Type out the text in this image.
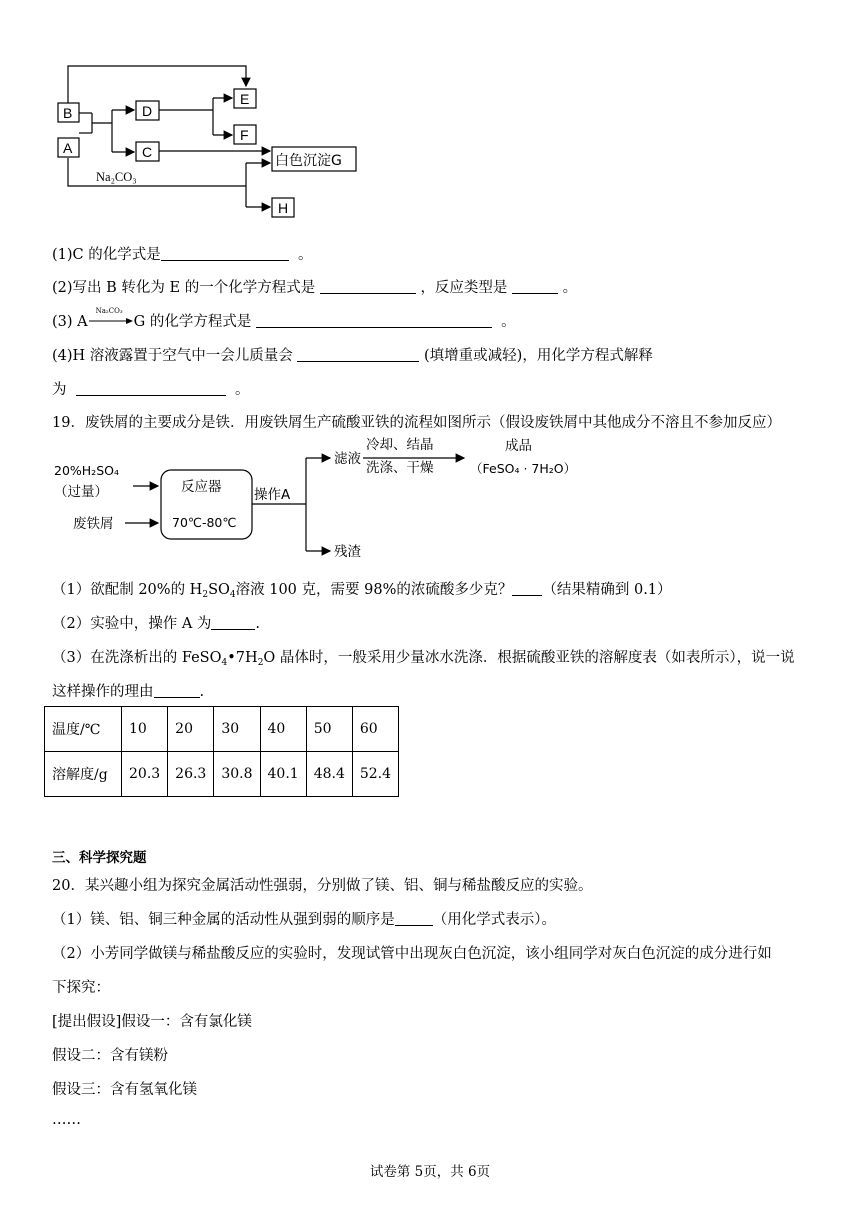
B
A
D
C
E
F
白色沉淀G
H
Na₂CO₃
(1)C 的化学式是	。
(2)写出 B 转化为 E 的一个化学方程式是	，反应类型是	。
(3) A
Na₂CO₃
G 的化学方程式是	。
(4)H 溶液露置于空气中一会儿质量会	(填增重或减轻)，用化学方程式解释
为	。
19．废铁屑的主要成分是铁．用废铁屑生产硫酸亚铁的流程如图所示（假设废铁屑中其他成分不溶且不参加反应）
20%H₂SO₄
（过量）
废铁屑
反应器
70℃-80℃
操作A
滤液
冷却、结晶
洗涤、干燥
成品
（FeSO₄ · 7H₂O）
残渣
（1）欲配制 20%的 $H_2SO_4$溶液 100 克，需要 98%的浓硫酸多少克？ （结果精确到 0.1）
（2）实验中，操作 A 为	.
（3）在洗涤析出的 $FeSO_4•7H_2O$ 晶体时，一般采用少量冰水洗涤．根据硫酸亚铁的溶解度表（如表所示），说一说
这样操作的理由	.
温度/℃	10	20	30	40	50	60
溶解度/g	20.3	26.3	30.8	40.1	48.4	52.4
三、科学探究题
20．某兴趣小组为探究金属活动性强弱，分别做了镁、铝、铜与稀盐酸反应的实验。
（1）镁、铝、铜三种金属的活动性从强到弱的顺序是	（用化学式表示）。
（2）小芳同学做镁与稀盐酸反应的实验时，发现试管中出现灰白色沉淀，该小组同学对灰白色沉淀的成分进行如
下探究：
[提出假设]假设一：含有氯化镁
假设二：含有镁粉
假设三：含有氢氧化镁
……
试卷第 5页，共 6页
